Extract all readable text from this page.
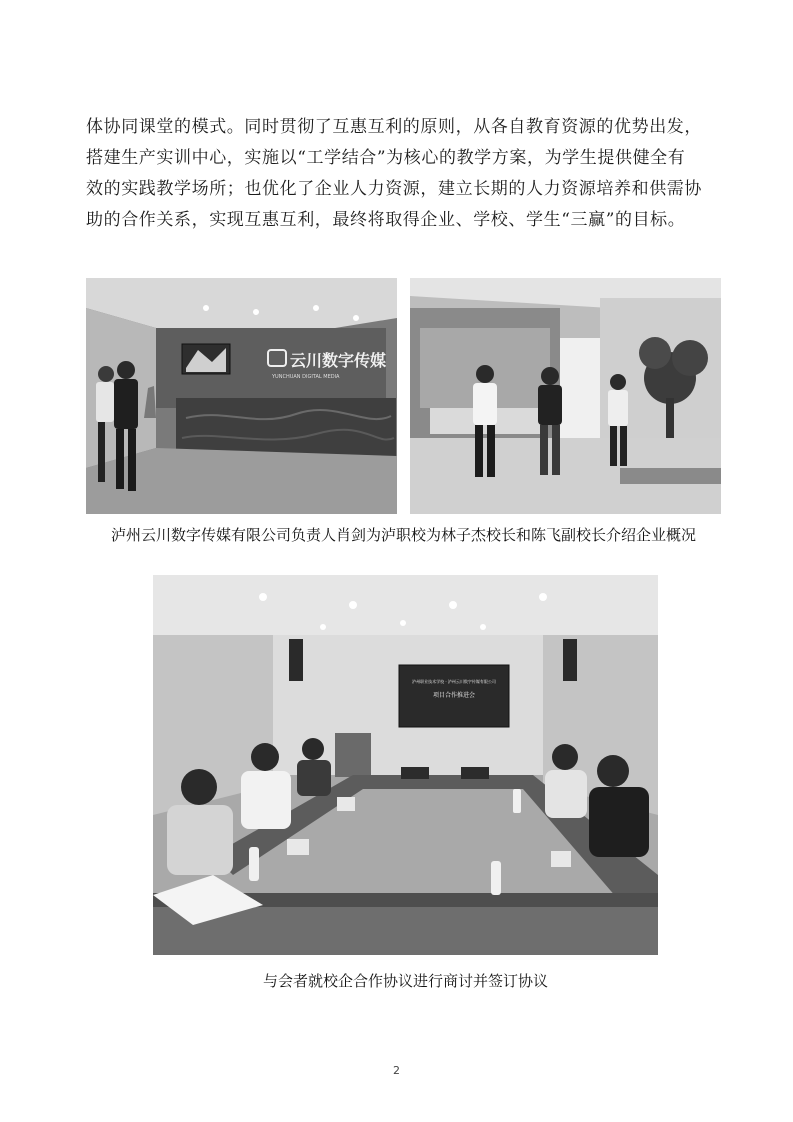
体协同课堂的模式。同时贯彻了互惠互利的原则，从各自教育资源的优势出发，
搭建生产实训中心，实施以“工学结合”为核心的教学方案，为学生提供健全有
效的实践教学场所；也优化了企业人力资源，建立长期的人力资源培养和供需协
助的合作关系，实现互惠互利，最终将取得企业、学校、学生“三赢”的目标。
云川数字传媒
YUNCHUAN DIGITAL MEDIA
泸州云川数字传媒有限公司负责人肖剑为泸职校为林子杰校长和陈飞副校长介绍企业概况
泸州职业技术学校 · 泸州云川数字传媒有限公司
项目合作推进会
与会者就校企合作协议进行商讨并签订协议
2
